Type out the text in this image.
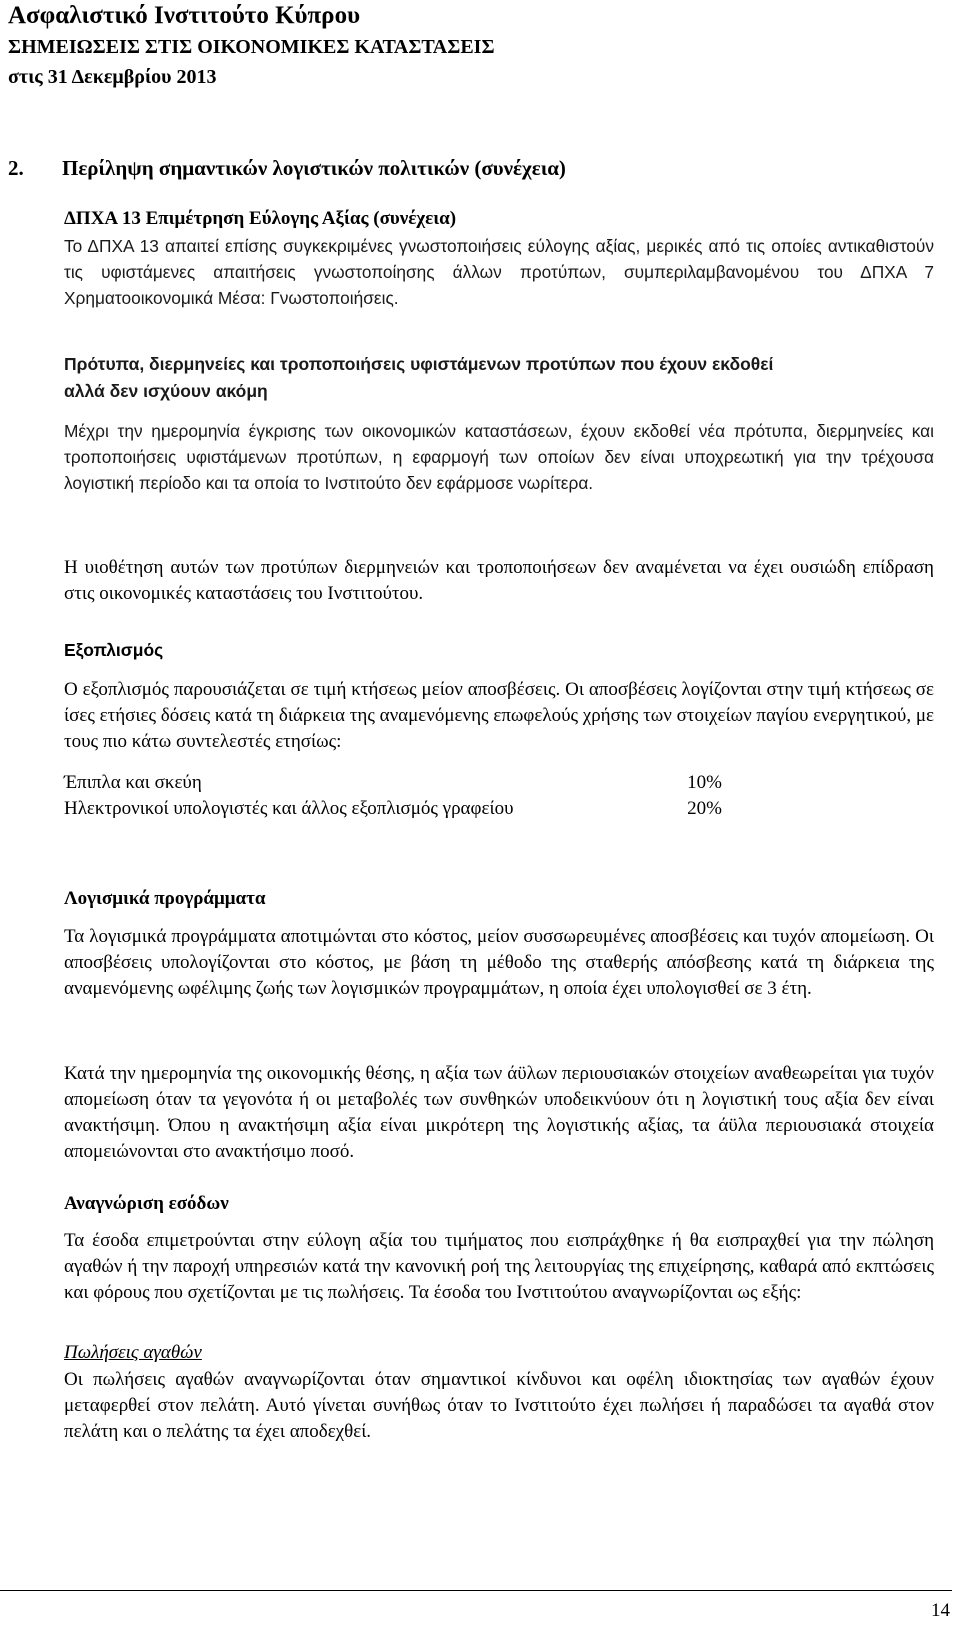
Ασφαλιστικό Ινστιτούτο Κύπρου
ΣΗΜΕΙΩΣΕΙΣ ΣΤΙΣ ΟΙΚΟΝΟΜΙΚΕΣ ΚΑΤΑΣΤΑΣΕΙΣ
στις 31 Δεκεμβρίου 2013
2. Περίληψη σημαντικών λογιστικών πολιτικών (συνέχεια)
ΔΠΧΑ 13 Επιμέτρηση Εύλογης Αξίας (συνέχεια)
Το ΔΠΧΑ 13 απαιτεί επίσης συγκεκριμένες γνωστοποιήσεις εύλογης αξίας, μερικές από τις οποίες αντικαθιστούν τις υφιστάμενες απαιτήσεις γνωστοποίησης άλλων προτύπων, συμπεριλαμβανομένου του ΔΠΧΑ 7 Χρηματοοικονομικά Μέσα: Γνωστοποιήσεις.
Πρότυπα, διερμηνείες και τροποποιήσεις υφιστάμενων προτύπων που έχουν εκδοθεί
αλλά δεν ισχύουν ακόμη
Μέχρι την ημερομηνία έγκρισης των οικονομικών καταστάσεων, έχουν εκδοθεί νέα πρότυπα, διερμηνείες και τροποποιήσεις υφιστάμενων προτύπων, η εφαρμογή των οποίων δεν είναι υποχρεωτική για την τρέχουσα λογιστική περίοδο και τα οποία το Ινστιτούτο δεν εφάρμοσε νωρίτερα.
Η υιοθέτηση αυτών των προτύπων διερμηνειών και τροποποιήσεων δεν αναμένεται να έχει ουσιώδη επίδραση στις οικονομικές καταστάσεις του Ινστιτούτου.
Εξοπλισμός
Ο εξοπλισμός παρουσιάζεται σε τιμή κτήσεως μείον αποσβέσεις. Οι αποσβέσεις λογίζονται στην τιμή κτήσεως σε ίσες ετήσιες δόσεις κατά τη διάρκεια της αναμενόμενης επωφελούς χρήσης των στοιχείων παγίου ενεργητικού, με τους πιο κάτω συντελεστές ετησίως:
Έπιπλα και σκεύη	10%
Ηλεκτρονικοί υπολογιστές και άλλος εξοπλισμός γραφείου	20%
Λογισμικά προγράμματα
Τα λογισμικά προγράμματα αποτιμώνται στο κόστος, μείον συσσωρευμένες αποσβέσεις και τυχόν απομείωση. Οι αποσβέσεις υπολογίζονται στο κόστος, με βάση τη μέθοδο της σταθερής απόσβεσης κατά τη διάρκεια της αναμενόμενης ωφέλιμης ζωής των λογισμικών προγραμμάτων, η οποία έχει υπολογισθεί σε 3 έτη.
Κατά την ημερομηνία της οικονομικής θέσης, η αξία των άϋλων περιουσιακών στοιχείων αναθεωρείται για τυχόν απομείωση όταν τα γεγονότα ή οι μεταβολές των συνθηκών υποδεικνύουν ότι η λογιστική τους αξία δεν είναι ανακτήσιμη. Όπου η ανακτήσιμη αξία είναι μικρότερη της λογιστικής αξίας, τα άϋλα περιουσιακά στοιχεία απομειώνονται στο ανακτήσιμο ποσό.
Αναγνώριση εσόδων
Τα έσοδα επιμετρούνται στην εύλογη αξία του τιμήματος που εισπράχθηκε ή θα εισπραχθεί για την πώληση αγαθών ή την παροχή υπηρεσιών κατά την κανονική ροή της λειτουργίας της επιχείρησης, καθαρά από εκπτώσεις και φόρους που σχετίζονται με τις πωλήσεις. Τα έσοδα του Ινστιτούτου αναγνωρίζονται ως εξής:
Πωλήσεις αγαθών
Οι πωλήσεις αγαθών αναγνωρίζονται όταν σημαντικοί κίνδυνοι και οφέλη ιδιοκτησίας των αγαθών έχουν μεταφερθεί στον πελάτη. Αυτό γίνεται συνήθως όταν το Ινστιτούτο έχει πωλήσει ή παραδώσει τα αγαθά στον πελάτη και ο πελάτης τα έχει αποδεχθεί.
14
